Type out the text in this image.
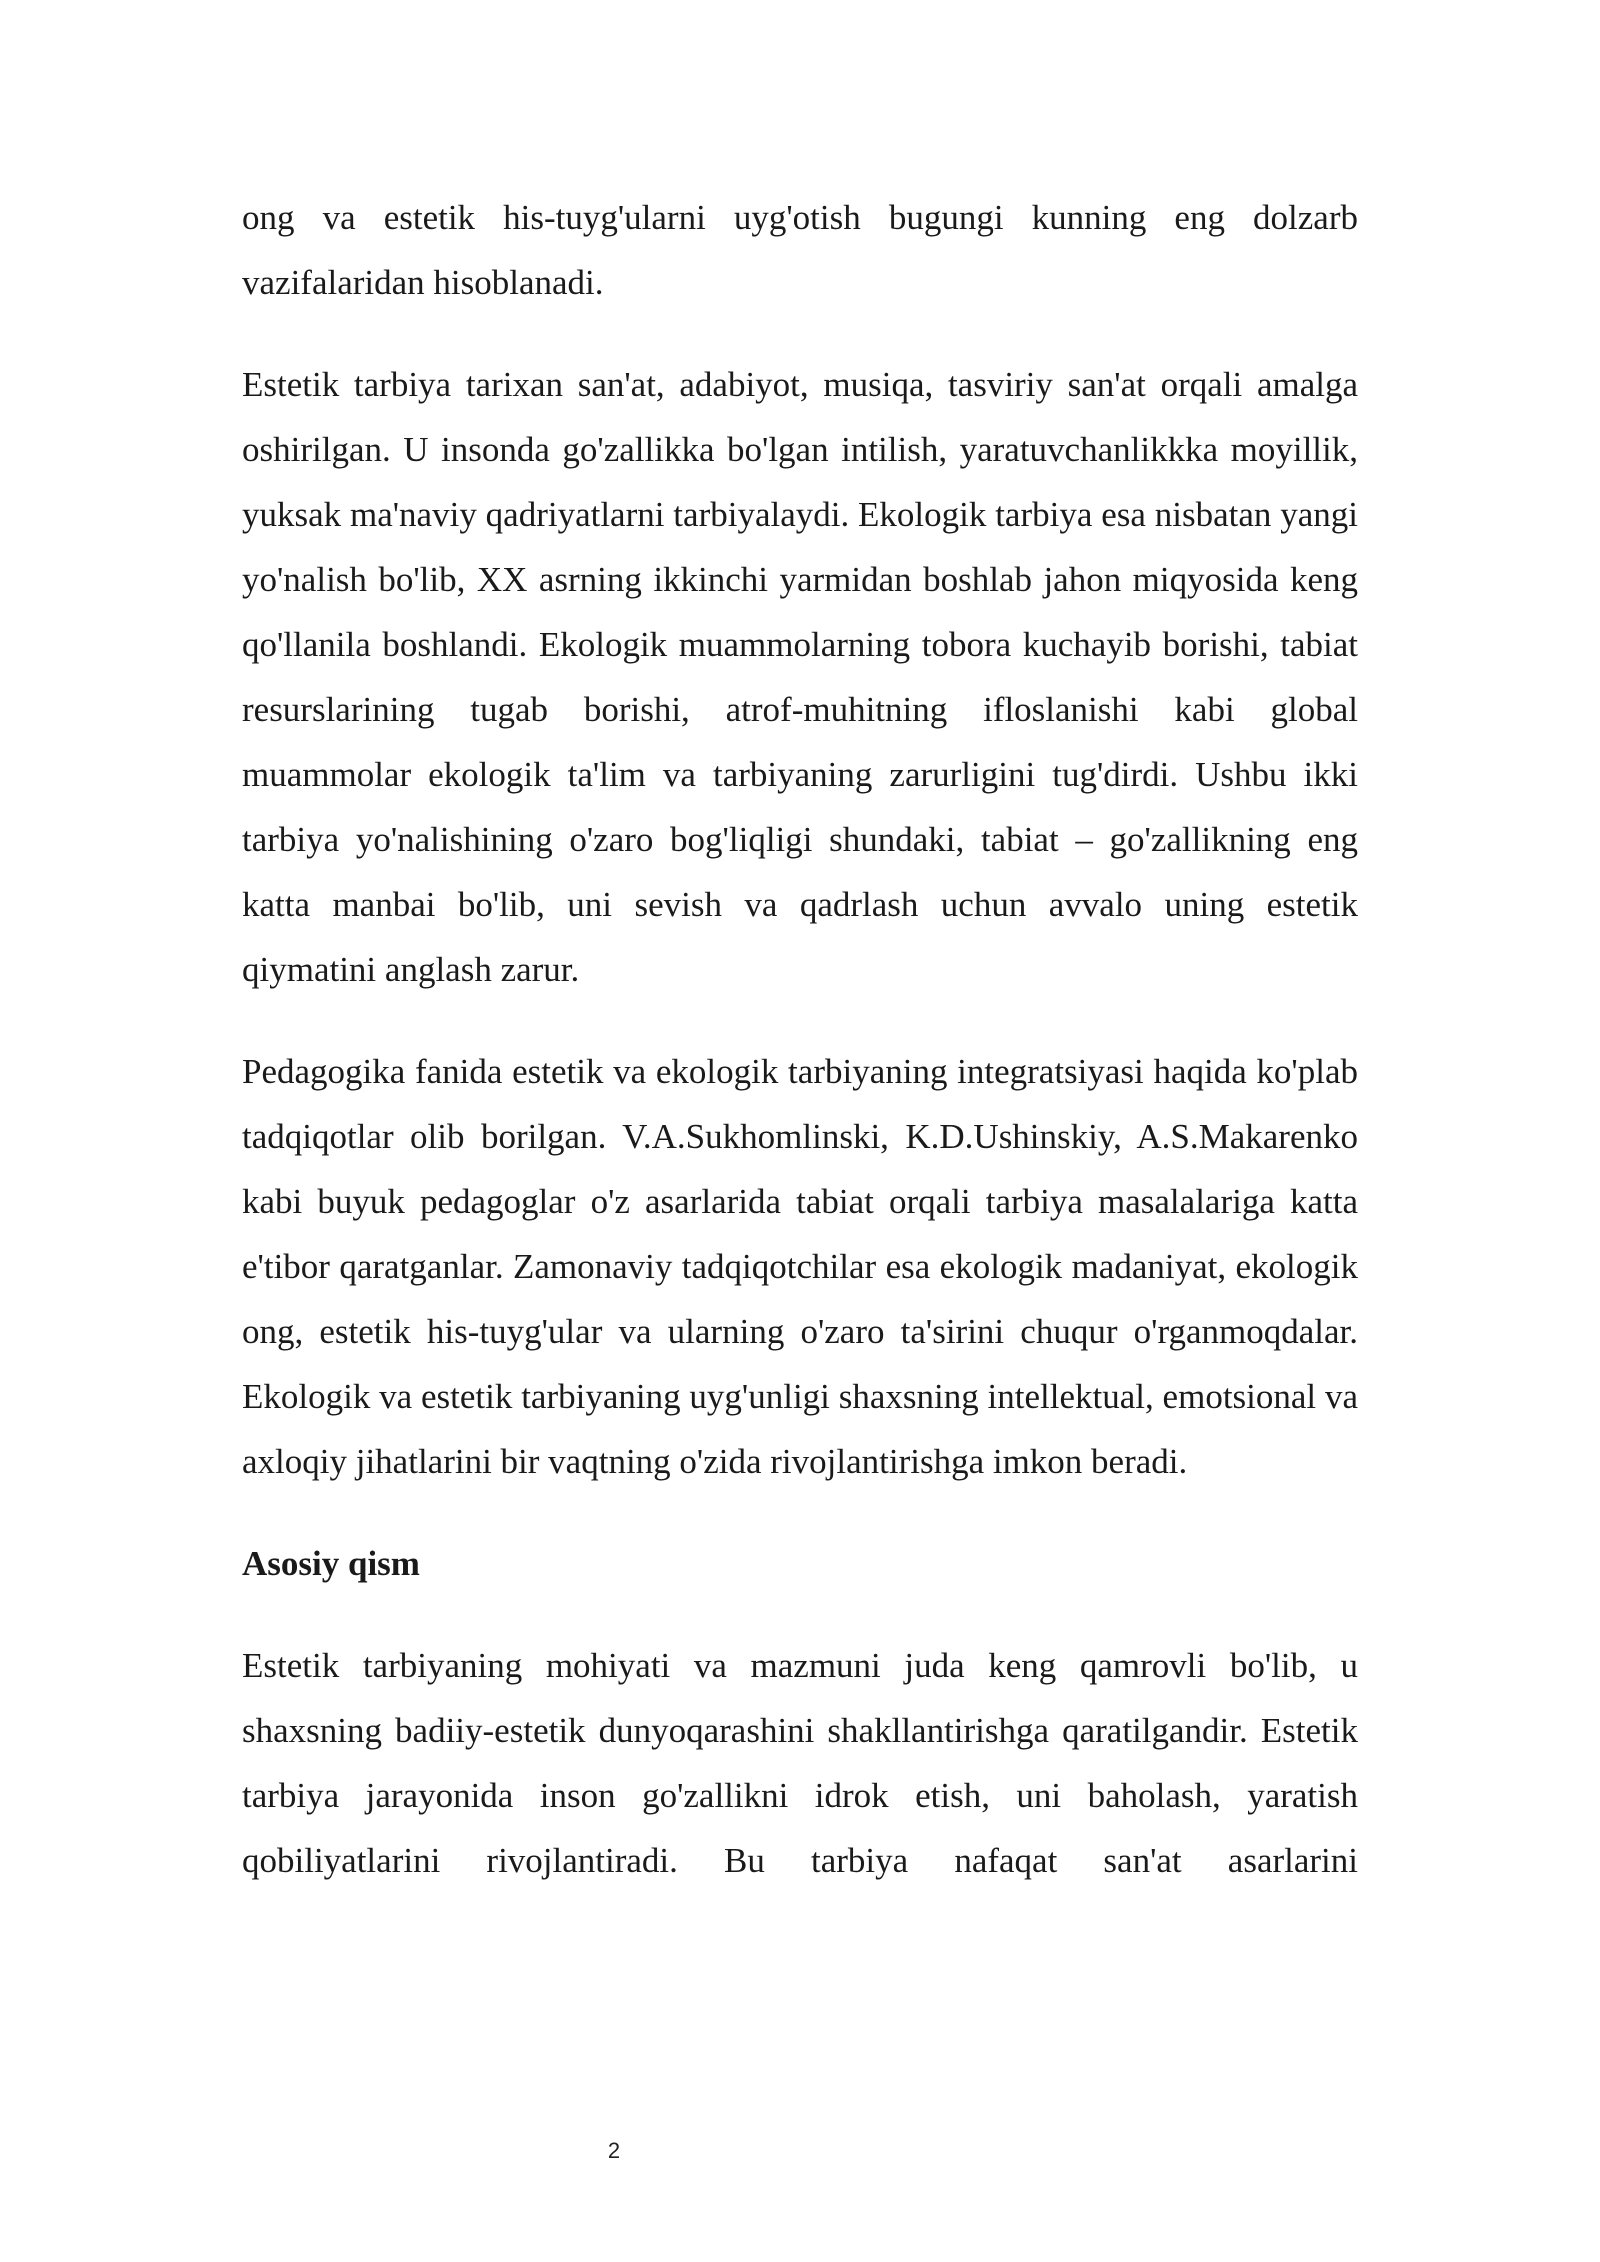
ong va estetik his-tuyg'ularni uyg'otish bugungi kunning eng dolzarb vazifalaridan hisoblanadi.

Estetik tarbiya tarixan san'at, adabiyot, musiqa, tasviriy san'at orqali amalga oshirilgan. U insonda go'zallikka bo'lgan intilish, yaratuvchanlikkka moyillik, yuksak ma'naviy qadriyatlarni tarbiyalaydi. Ekologik tarbiya esa nisbatan yangi yo'nalish bo'lib, XX asrning ikkinchi yarmidan boshlab jahon miqyosida keng qo'llanila boshlandi. Ekologik muammolarning tobora kuchayib borishi, tabiat resurslarining tugab borishi, atrof-muhitning ifloslanishi kabi global muammolar ekologik ta'lim va tarbiyaning zarurligini tug'dirdi. Ushbu ikki tarbiya yo'nalishining o'zaro bog'liqligi shundaki, tabiat – go'zallikning eng katta manbai bo'lib, uni sevish va qadrlash uchun avvalo uning estetik qiymatini anglash zarur.

Pedagogika fanida estetik va ekologik tarbiyaning integratsiyasi haqida ko'plab tadqiqotlar olib borilgan. V.A.Sukhomlinski, K.D.Ushinskiy, A.S.Makarenko kabi buyuk pedagoglar o'z asarlarida tabiat orqali tarbiya masalalariga katta e'tibor qaratganlar. Zamonaviy tadqiqotchilar esa ekologik madaniyat, ekologik ong, estetik his-tuyg'ular va ularning o'zaro ta'sirini chuqur o'rganmoqdalar. Ekologik va estetik tarbiyaning uyg'unligi shaxsning intellektual, emotsional va axloqiy jihatlarini bir vaqtning o'zida rivojlantirishga imkon beradi.

Asosiy qism

Estetik tarbiyaning mohiyati va mazmuni juda keng qamrovli bo'lib, u shaxsning badiiy-estetik dunyoqarashini shakllantirishga qaratilgandir. Estetik tarbiya jarayonida inson go'zallikni idrok etish, uni baholash, yaratish qobiliyatlarini rivojlantiradi. Bu tarbiya nafaqat san'at asarlarini

2
